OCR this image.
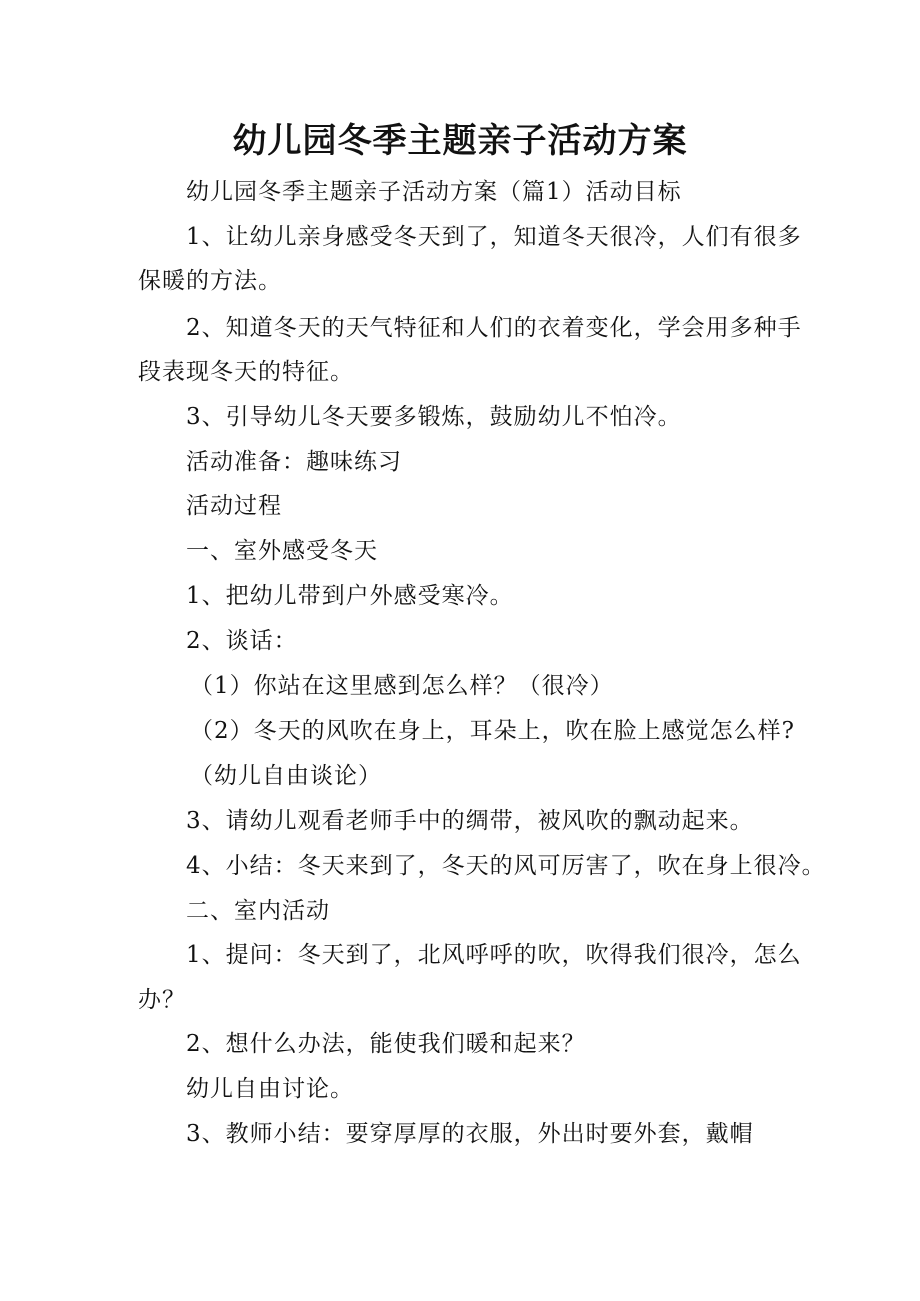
幼儿园冬季主题亲子活动方案
幼儿园冬季主题亲子活动方案（篇1）活动目标
1、让幼儿亲身感受冬天到了，知道冬天很冷，人们有很多
保暖的方法。
2、知道冬天的天气特征和人们的衣着变化，学会用多种手
段表现冬天的特征。
3、引导幼儿冬天要多锻炼，鼓励幼儿不怕冷。
活动准备：趣味练习
活动过程
一、室外感受冬天
1、把幼儿带到户外感受寒冷。
2、谈话：
（1）你站在这里感到怎么样？（很冷）
（2）冬天的风吹在身上，耳朵上，吹在脸上感觉怎么样?
（幼儿自由谈论）
3、请幼儿观看老师手中的绸带，被风吹的飘动起来。
4、小结：冬天来到了，冬天的风可厉害了，吹在身上很冷。
二、室内活动
1、提问：冬天到了，北风呼呼的吹，吹得我们很冷，怎么
办？
2、想什么办法，能使我们暖和起来？
幼儿自由讨论。
3、教师小结：要穿厚厚的衣服，外出时要外套，戴帽
